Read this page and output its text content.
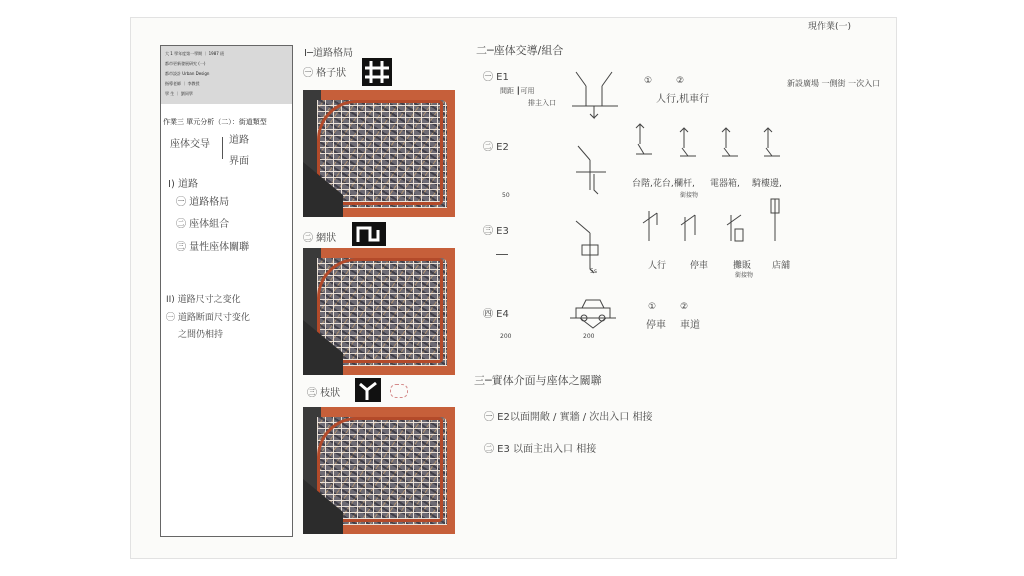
現作業(一)
大 1 學年度第一學期 ｜ 1987 班
都市更新發展研究 (一)
都市設計 Urban Design
指導老師 ｜ 李教授
學 生 ｜ 劉同學
作業三 單元分析（二）：街道類型
座体交导 道路
界面
I) 道路
㊀ 道路格局
㊁ 座体組合
㊂ 量性座体關聯
II) 道路尺寸之变化
㊀ 道路断面尺寸变化
之間仍相持
I─道路格局
㊀ 格子狀
㊁ 網狀
㊂ 枝狀
二─座体交導/組合
㊀ E1
間距 ┃可用
排主入口
①	②
人行,机車行
新設廣場 一側街 一次入口
㊁ E2
50
台階,花台, 欄杆, 電器箱, 騎樓邊,
銜接物
㊂ E3
5s
人行	停車	攤販
銜接物
店舖
㊃ E4
200	200
①	②
停車 車道
三─實体介面与座体之關聯
㊀ E2以面開敞 / 實牆 / 次出入口 相接
㊁ E3 以面主出入口 相接
